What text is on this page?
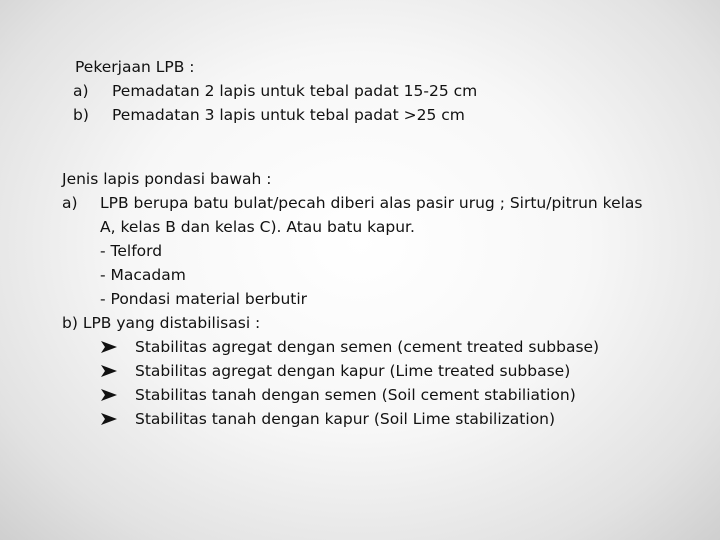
Pekerjaan LPB :
a) Pemadatan 2 lapis untuk tebal padat 15-25 cm
b) Pemadatan 3 lapis untuk tebal padat >25 cm
Jenis lapis pondasi bawah :
a) LPB berupa batu bulat/pecah diberi alas pasir urug ; Sirtu/pitrun kelas
A, kelas B dan kelas C). Atau batu kapur.
- Telford
- Macadam
- Pondasi material berbutir
b) LPB yang distabilisasi :
Stabilitas agregat dengan semen (cement treated subbase)
Stabilitas agregat dengan kapur (Lime treated subbase)
Stabilitas tanah dengan semen (Soil cement stabiliation)
Stabilitas tanah dengan kapur (Soil Lime stabilization)
